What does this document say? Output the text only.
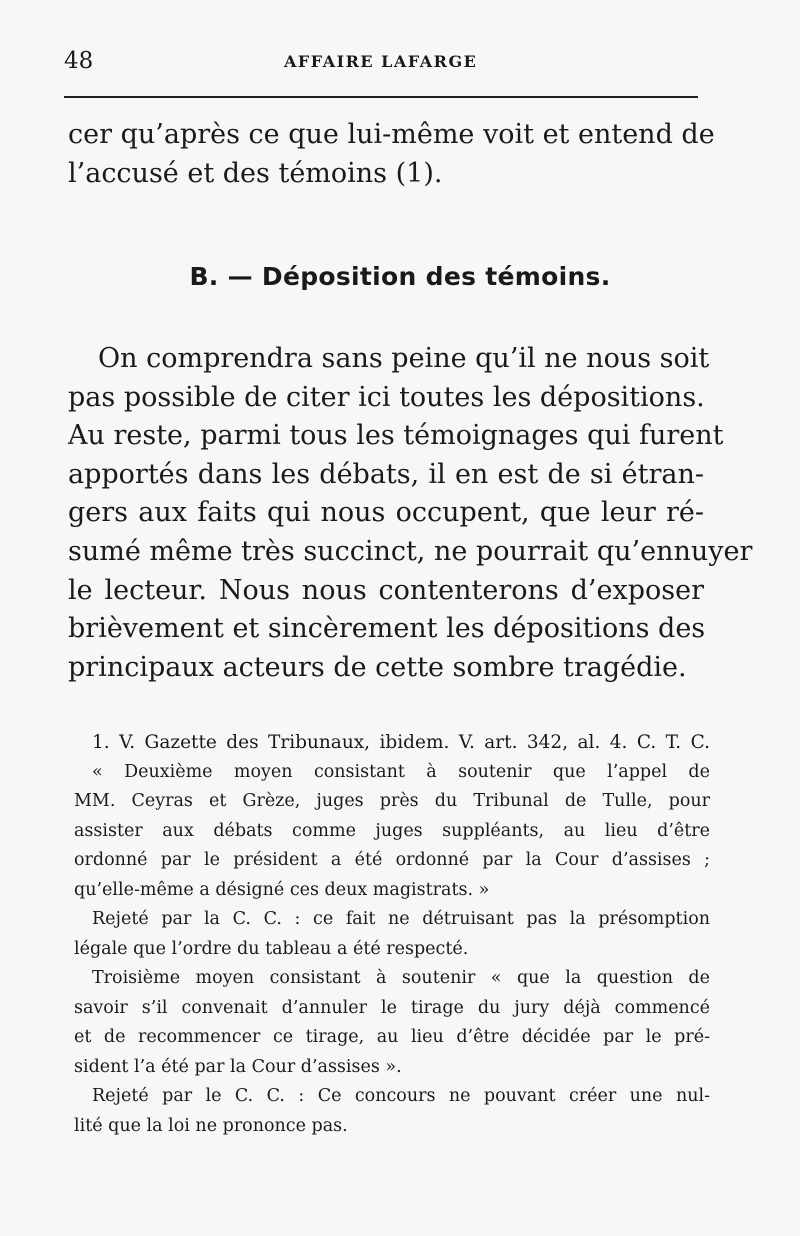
48	AFFAIRE LAFARGE
cer qu’après ce que lui-même voit et entend de
l’accusé et des témoins (1).
B. — Déposition des témoins.
On comprendra sans peine qu’il ne nous soit
pas possible de citer ici toutes les dépositions.
Au reste, parmi tous les témoignages qui furent
apportés dans les débats, il en est de si étran-
gers aux faits qui nous occupent, que leur ré-
sumé même très succinct, ne pourrait qu’ennuyer
le lecteur. Nous nous contenterons d’exposer
brièvement et sincèrement les dépositions des
principaux acteurs de cette sombre tragédie.
1. V. Gazette des Tribunaux, ibidem. V. art. 342, al. 4. C. T. C.
« Deuxième moyen consistant à soutenir que l’appel de
MM. Ceyras et Grèze, juges près du Tribunal de Tulle, pour
assister aux débats comme juges suppléants, au lieu d’être
ordonné par le président a été ordonné par la Cour d’assises ;
qu’elle-même a désigné ces deux magistrats. »
Rejeté par la C. C. : ce fait ne détruisant pas la présomption
légale que l’ordre du tableau a été respecté.
Troisième moyen consistant à soutenir « que la question de
savoir s’il convenait d’annuler le tirage du jury déjà commencé
et de recommencer ce tirage, au lieu d’être décidée par le pré-
sident l’a été par la Cour d’assises ».
Rejeté par le C. C. : Ce concours ne pouvant créer une nul-
lité que la loi ne prononce pas.
